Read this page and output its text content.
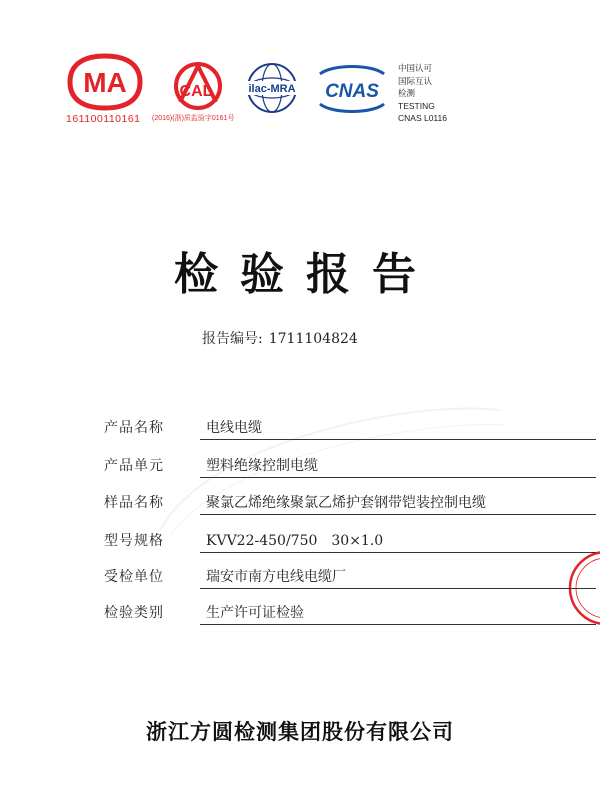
MA
161100110161
CAL
(2016)(浙)质监验字0161号
ilac-MRA CNAS
中国认可
国际互认
检测
TESTING
CNAS L0116
检验报告
报告编号: 1711104824
产品名称	电线电缆
产品单元	塑料绝缘控制电缆
样品名称	聚氯乙烯绝缘聚氯乙烯护套钢带铠装控制电缆
型号规格	KVV22-450/750　30×1.0
受检单位	瑞安市南方电线电缆厂
检验类别	生产许可证检验
浙江方圆检测集团股份有限公司
